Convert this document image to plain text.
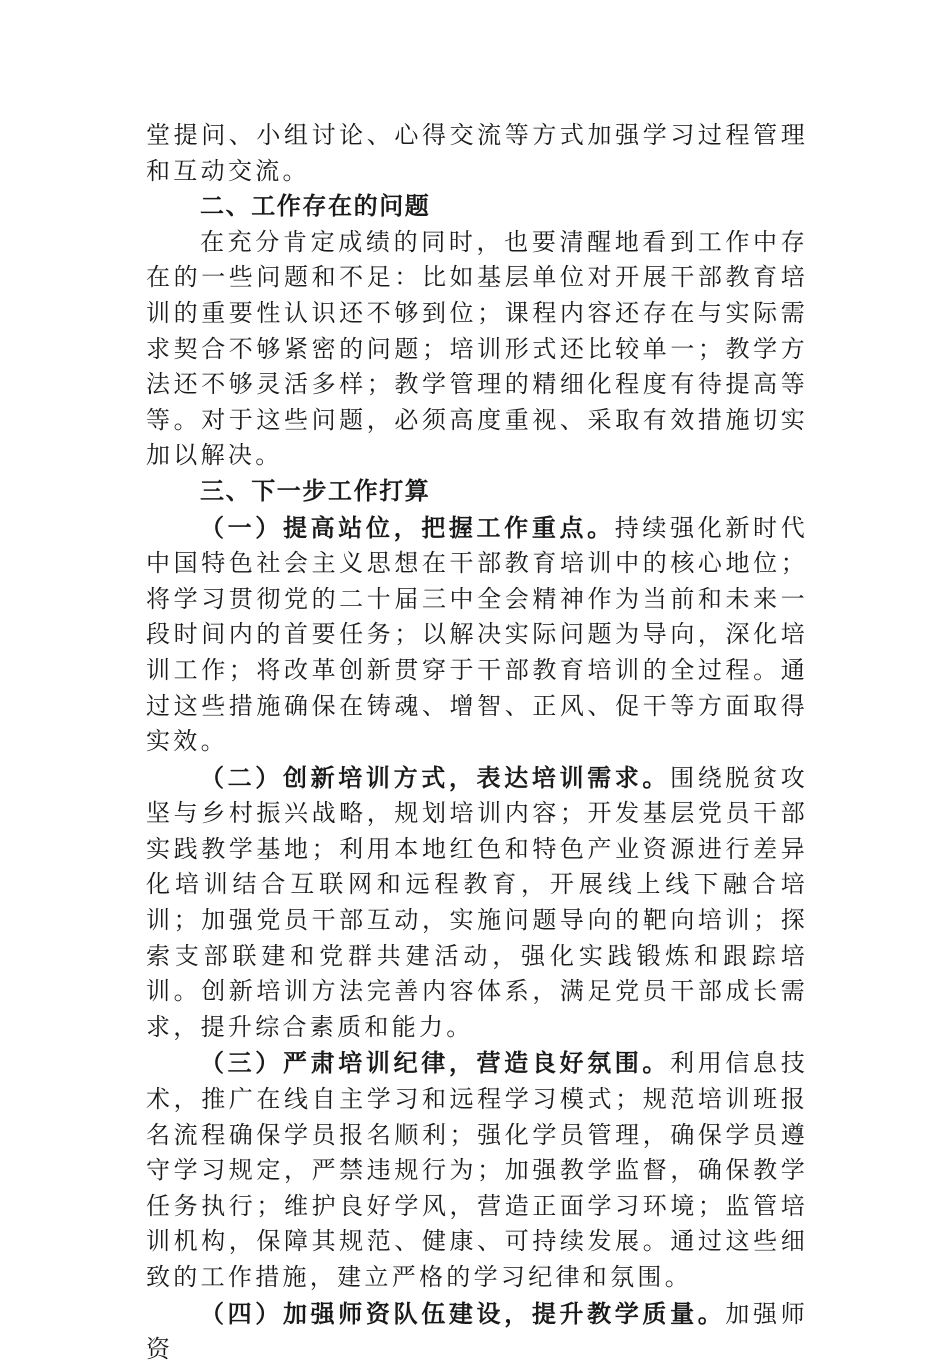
堂提问、小组讨论、心得交流等方式加强学习过程管理和互动交流。

二、工作存在的问题

在充分肯定成绩的同时，也要清醒地看到工作中存在的一些问题和不足：比如基层单位对开展干部教育培训的重要性认识还不够到位；课程内容还存在与实际需求契合不够紧密的问题；培训形式还比较单一；教学方法还不够灵活多样；教学管理的精细化程度有待提高等等。对于这些问题，必须高度重视、采取有效措施切实加以解决。

三、下一步工作打算

（一）提高站位，把握工作重点。持续强化新时代中国特色社会主义思想在干部教育培训中的核心地位；将学习贯彻党的二十届三中全会精神作为当前和未来一段时间内的首要任务；以解决实际问题为导向，深化培训工作；将改革创新贯穿于干部教育培训的全过程。通过这些措施确保在铸魂、增智、正风、促干等方面取得实效。

（二）创新培训方式，表达培训需求。围绕脱贫攻坚与乡村振兴战略，规划培训内容；开发基层党员干部实践教学基地；利用本地红色和特色产业资源进行差异化培训结合互联网和远程教育，开展线上线下融合培训；加强党员干部互动，实施问题导向的靶向培训；探索支部联建和党群共建活动，强化实践锻炼和跟踪培训。创新培训方法完善内容体系，满足党员干部成长需求，提升综合素质和能力。

（三）严肃培训纪律，营造良好氛围。利用信息技术，推广在线自主学习和远程学习模式；规范培训班报名流程确保学员报名顺利；强化学员管理，确保学员遵守学习规定，严禁违规行为；加强教学监督，确保教学任务执行；维护良好学风，营造正面学习环境；监管培训机构，保障其规范、健康、可持续发展。通过这些细致的工作措施，建立严格的学习纪律和氛围。

（四）加强师资队伍建设，提升教学质量。加强师资
